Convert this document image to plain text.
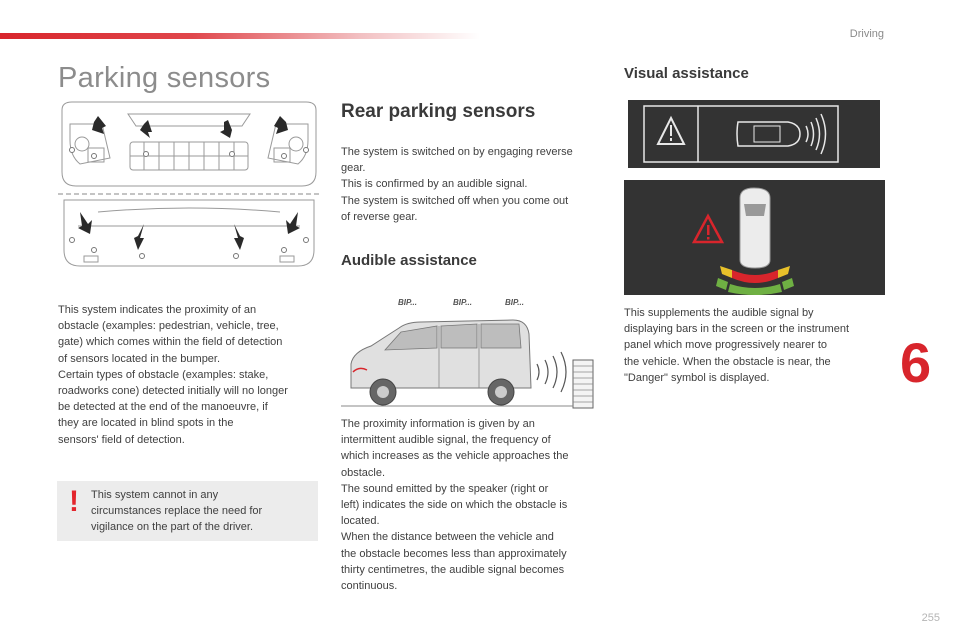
Driving
Parking sensors

This system indicates the proximity of an

obstacle (examples: pedestrian, vehicle, tree,

gate) which comes within the field of detection

of sensors located in the bumper.

Certain types of obstacle (examples: stake,

roadworks cone) detected initially will no longer

be detected at the end of the manoeuvre, if

they are located in blind spots in the

sensors' field of detection.

! This system cannot in any

circumstances replace the need for

vigilance on the part of the driver.

Rear parking sensors

The system is switched on by engaging reverse

gear.

This is confirmed by an audible signal.

The system is switched off when you come out

of reverse gear.

Audible assistance
BIP...	BIP...	BIP...

The proximity information is given by an

intermittent audible signal, the frequency of

which increases as the vehicle approaches the

obstacle.

The sound emitted by the speaker (right or

left) indicates the side on which the obstacle is

located.

When the distance between the vehicle and

the obstacle becomes less than approximately

thirty centimetres, the audible signal becomes

continuous.

Visual assistance

This supplements the audible signal by

displaying bars in the screen or the instrument

panel which move progressively nearer to

the vehicle. When the obstacle is near, the

"Danger" symbol is displayed.	6
255
